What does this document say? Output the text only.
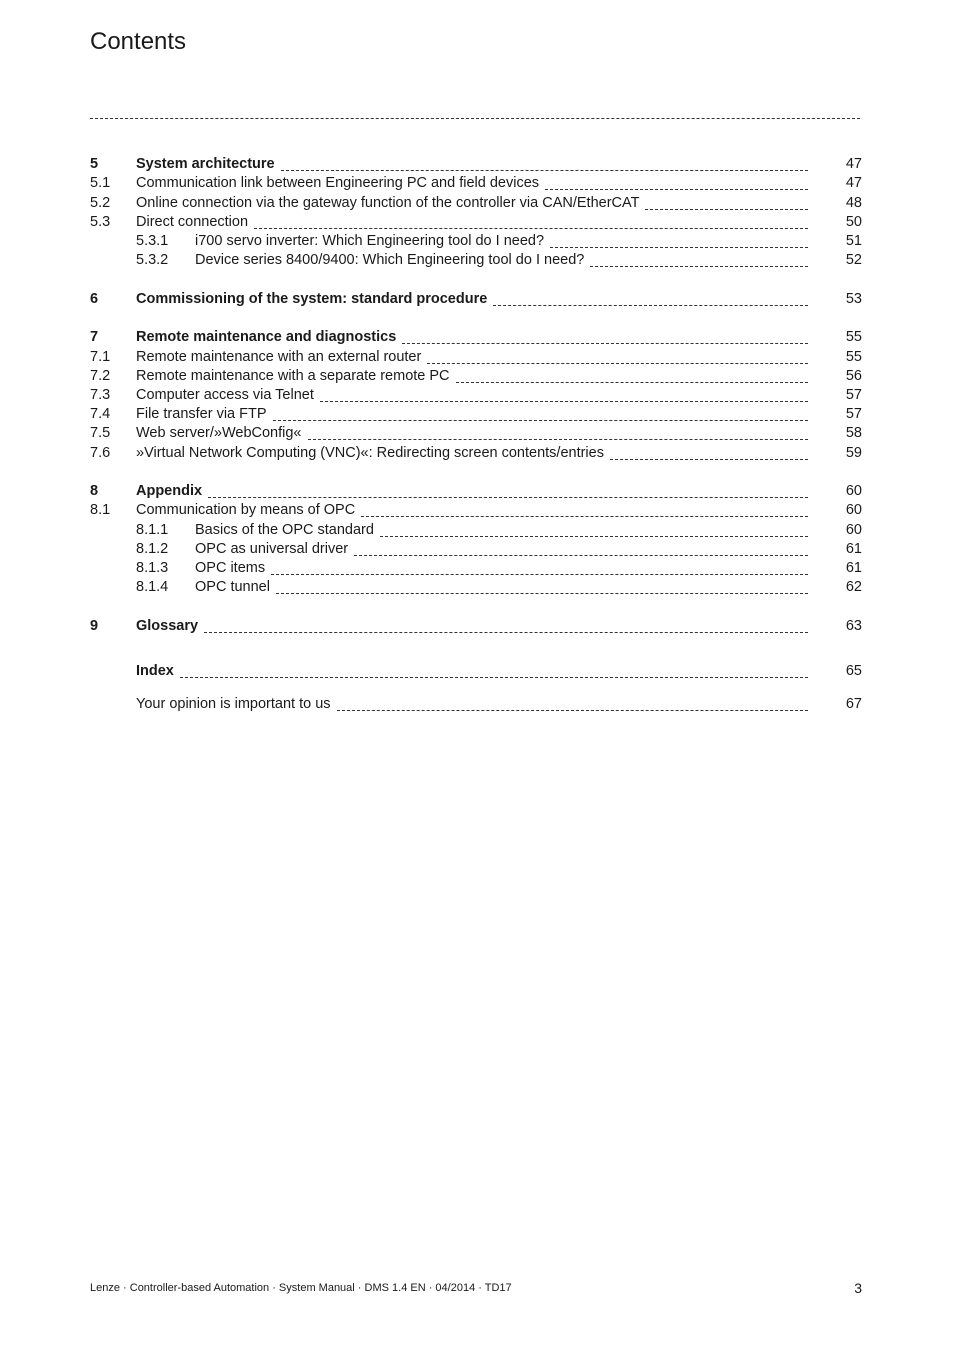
Contents
5	System architecture	47
5.1 Communication link between Engineering PC and field devices	47
5.2 Online connection via the gateway function of the controller via CAN/EtherCAT	48
5.3 Direct connection	50
5.3.1 i700 servo inverter: Which Engineering tool do I need?	51
5.3.2 Device series 8400/9400: Which Engineering tool do I need?	52
6	Commissioning of the system: standard procedure	53
7	Remote maintenance and diagnostics	55
7.1 Remote maintenance with an external router	55
7.2 Remote maintenance with a separate remote PC	56
7.3 Computer access via Telnet	57
7.4 File transfer via FTP	57
7.5 Web server/»WebConfig«	58
7.6 »Virtual Network Computing (VNC)«: Redirecting screen contents/entries	59
8	Appendix	60
8.1 Communication by means of OPC	60
8.1.1 Basics of the OPC standard	60
8.1.2 OPC as universal driver	61
8.1.3 OPC items	61
8.1.4 OPC tunnel	62
9	Glossary	63
Index	65
Your opinion is important to us	67
Lenze · Controller-based Automation · System Manual · DMS 1.4 EN · 04/2014 · TD17	3
